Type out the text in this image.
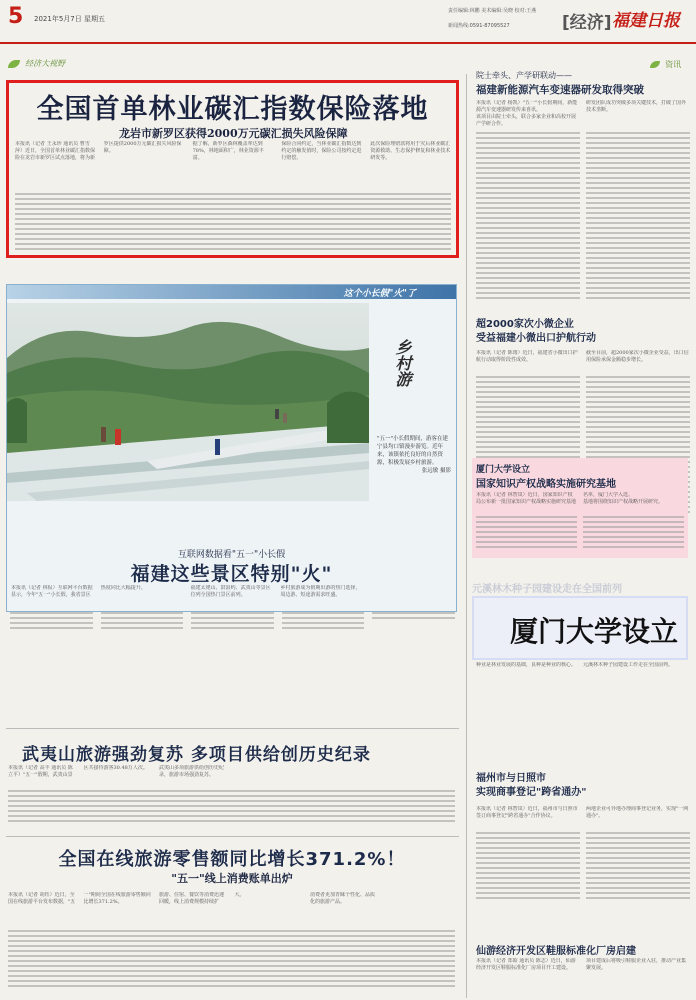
5 2021年5月7日 星期五
责任编辑:林鹏 美术编辑:吴晓 校对:王燕
新闻热线:0591-87095527	[经济] 福建日报
经济大视野	资讯
全国首单林业碳汇指数保险落地
龙岩市新罗区获得2000万元碳汇损失风险保障

本报讯（记者 王永珍 通讯员 曹雪萍）近日，全国首单林业碳汇指数保险在龙岩市新罗区试点落地，将为新罗区提供2000万元碳汇损失风险保障。

据了解，新罗区森林覆盖率达到78%，林地面积广，林业资源丰富。

保险合同约定，当林业碳汇指数达到约定的触发值时，保险公司按约定进行赔偿。

此次保险理赔款将用于灾后林业碳汇资源救助、生态保护修复和林业技术研发等。

这个小长假"火"了
乡村游
"五一"小长假期间，游客在建宁县均口镇漫步游览。近年来，该镇依托良好的自然资源，积极发展乡村旅游。

张远敏 摄影
互联网数据看"五一"小长假
福建这些景区特别"火"

本报讯（记者 林侃）互联网平台数据显示，今年"五一"小长假，我省景区热度同比大幅提升。	福建太姥山、鼓浪屿、武夷山等景区位列全国热门景区前列。

乡村旅游成为假期出游的热门选择，周边游、短途游需求旺盛。

武夷山旅游强劲复苏 多项目供给创历史纪录

本报讯（记者 高丰 通讯员 陈立平）"五一"假期，武夷山景区共接待游客30.48万人次。	武夷山多项旅游供给创历史纪录，旅游市场强劲复苏。

全国在线旅游零售额同比增长371.2%！
"五一"线上消费账单出炉

本报讯（记者 胡钰）近日，全国在线旅游平台发布数据，"五一"期间全国在线旅游零售额同比增长371.2%。

旅游、住宿、餐饮等消费迅速回暖，线上消费规模持续扩大。	消费者更加青睐个性化、品质化的旅游产品。

院士牵头、产学研联动——
福建新能源汽车变速器研发取得突破

本报讯（记者 杨凯）"五一"小长假期间，新能源汽车变速器研发传来喜讯。

该项目由院士牵头，联合多家企业和高校开展产学研合作。

研发团队成功突破多项关键技术，打破了国外技术垄断。

超2000家次小微企业
受益福建小微出口护航行动

本报讯（记者 陈雨）近日，福建省小微出口护航行动取得阶段性成效。

截至目前，超2000家次小微企业受益，出口信用保险承保金额稳步增长。

厦门大学设立
国家知识产权战略实施研究基地

本报讯（记者 林智岚）近日，国家知识产权局公布新一批国家知识产权战略实施研究基地名单，厦门大学入选。

基地将围绕知识产权战略开展研究。

元溪林木种子园建设走在全国前列
厦门大学设立

种业是林业发展的基础，良种是种业的核心。 元溪林木种子园建设工作走在全国前列。

福州市与日照市
实现商事登记"跨省通办"

本报讯（记者 林智岚）近日，福州市与日照市签订商事登记"跨省通办"合作协议。

两地企业可异地办理商事登记业务，实现"一网通办"。

仙游经济开发区鞋服标准化厂房启建

本报讯（记者 郑昭 通讯员 陈志）近日，仙游经济开发区鞋服标准化厂房项目开工建设。

项目建成后将吸引鞋服企业入驻，推动产业集聚发展。
